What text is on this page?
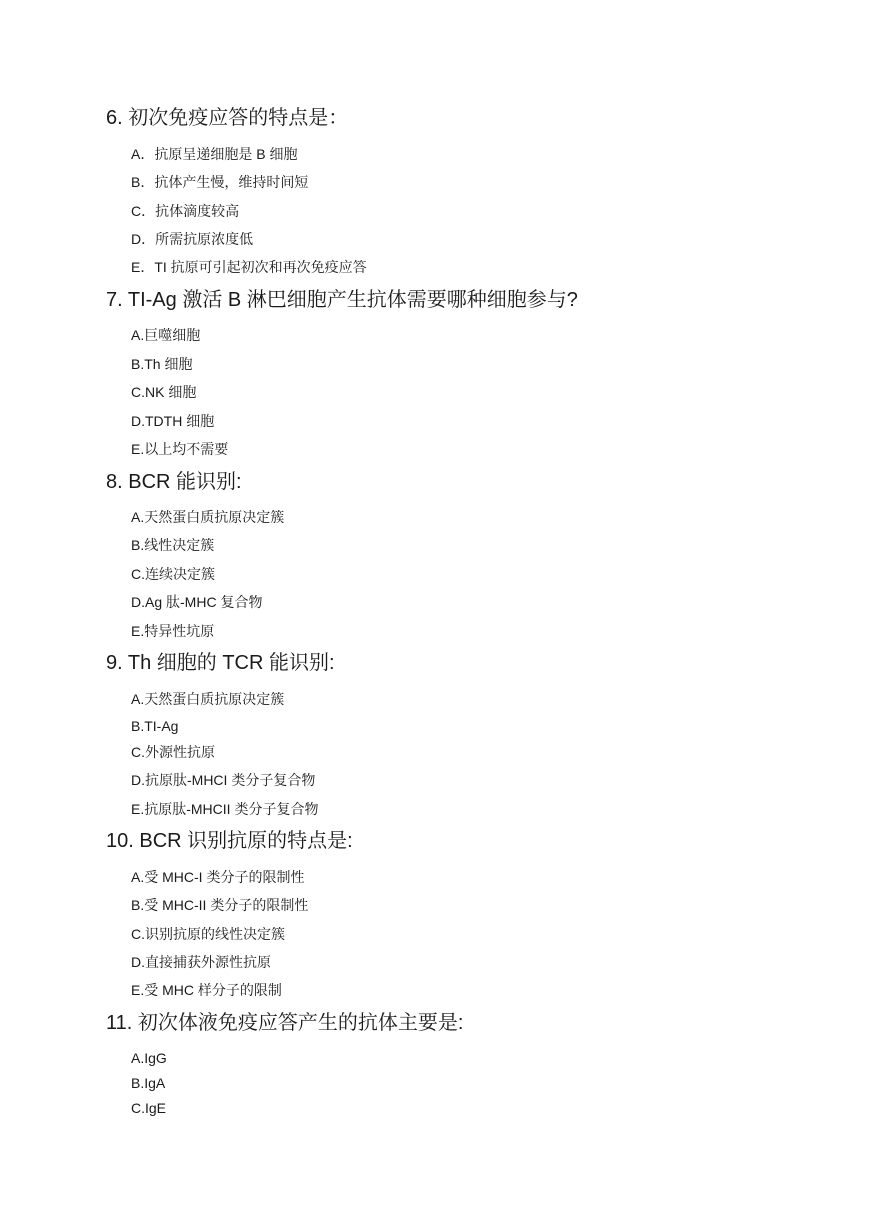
6. 初次免疫应答的特点是：
A．抗原呈递细胞是 B 细胞
B．抗体产生慢，维持时间短
C．抗体滴度较高
D．所需抗原浓度低
E．TI 抗原可引起初次和再次免疫应答
7. TI-Ag 激活 B 淋巴细胞产生抗体需要哪种细胞参与?
A.巨噬细胞
B.Th 细胞
C.NK 细胞
D.TDTH 细胞
E.以上均不需要
8. BCR 能识别:
A.天然蛋白质抗原决定簇
B.线性决定簇
C.连续决定簇
D.Ag 肽-MHC 复合物
E.特异性坑原
9. Th 细胞的 TCR 能识别:
A.天然蛋白质抗原决定簇
B.TI-Ag
C.外源性抗原
D.抗原肽-MHCI 类分子复合物
E.抗原肽-MHCII 类分子复合物
10. BCR 识别抗原的特点是:
A.受 MHC-I 类分子的限制性
B.受 MHC-II 类分子的限制性
C.识别抗原的线性决定簇
D.直接捕获外源性抗原
E.受 MHC 样分子的限制
11. 初次体液免疫应答产生的抗体主要是:
A.IgG
B.IgA
C.IgE
